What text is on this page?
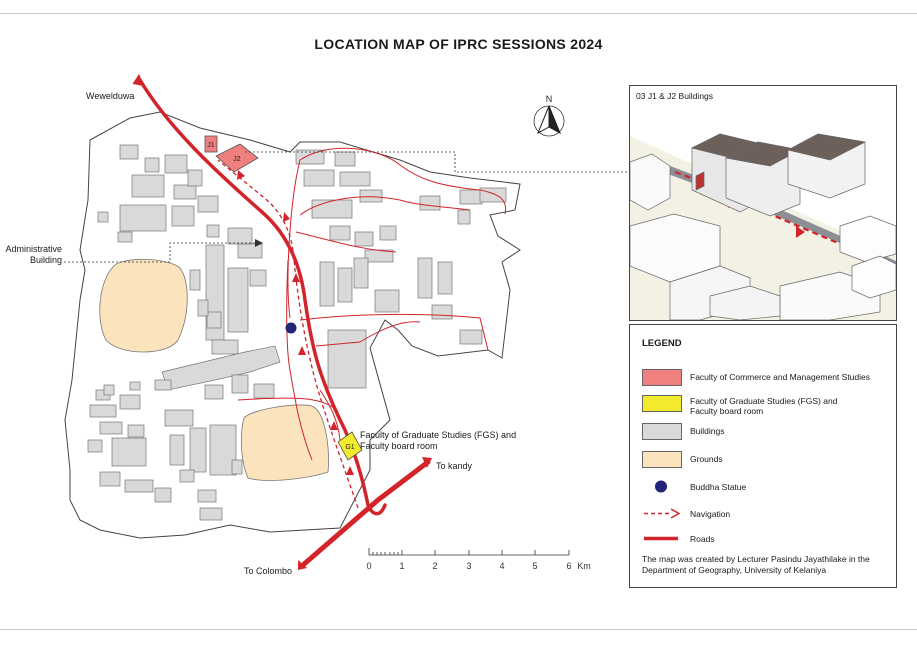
LOCATION MAP OF IPRC SESSIONS 2024
0	1	2	3	4	5	6 Km
J1
J2
G1
N
Wewelduwa
Administrative Building
Faculty of Graduate Studies (FGS) and Faculty board room
To kandy
To Colombo
03 J1 & J2 Buildings
LEGEND
Faculty of Commerce and Management Studies
Faculty of Graduate Studies (FGS) and Faculty board room
Buildings
Grounds
Buddha Statue
Navigation
Roads
The map was created by Lecturer Pasindu Jayathilake in the Department of Geography, University of Kelaniya
